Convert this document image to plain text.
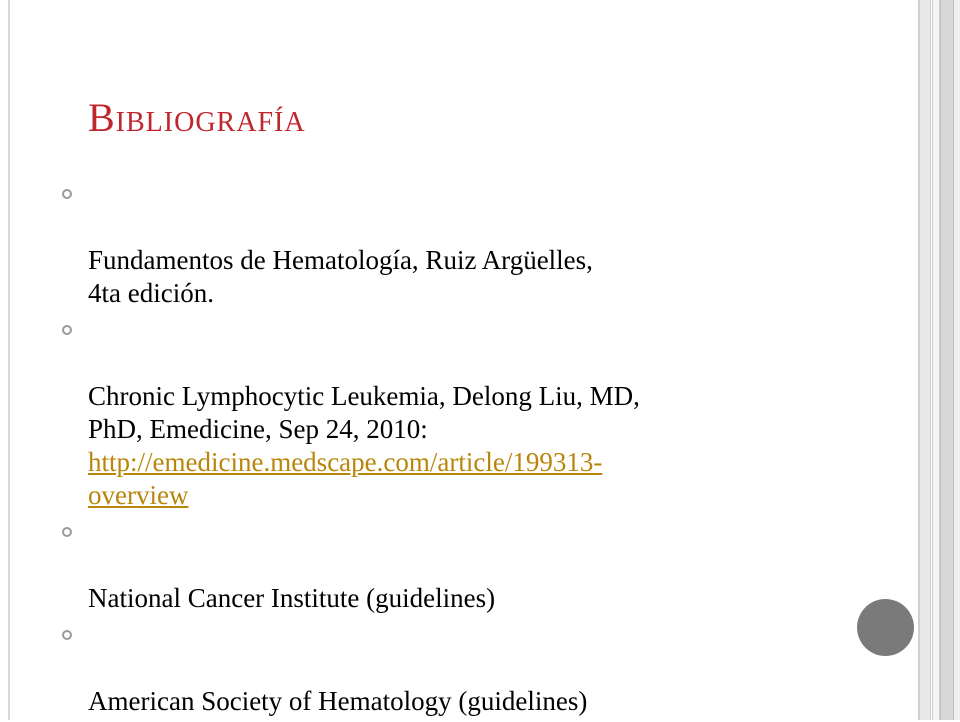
Bibliografía

Fundamentos de Hematología, Ruiz Argüelles,
4ta edición.

Chronic Lymphocytic Leukemia, Delong Liu, MD,
PhD, Emedicine, Sep 24, 2010:
http://emedicine.medscape.com/article/199313-
overview

National Cancer Institute (guidelines)

American Society of Hematology (guidelines)
